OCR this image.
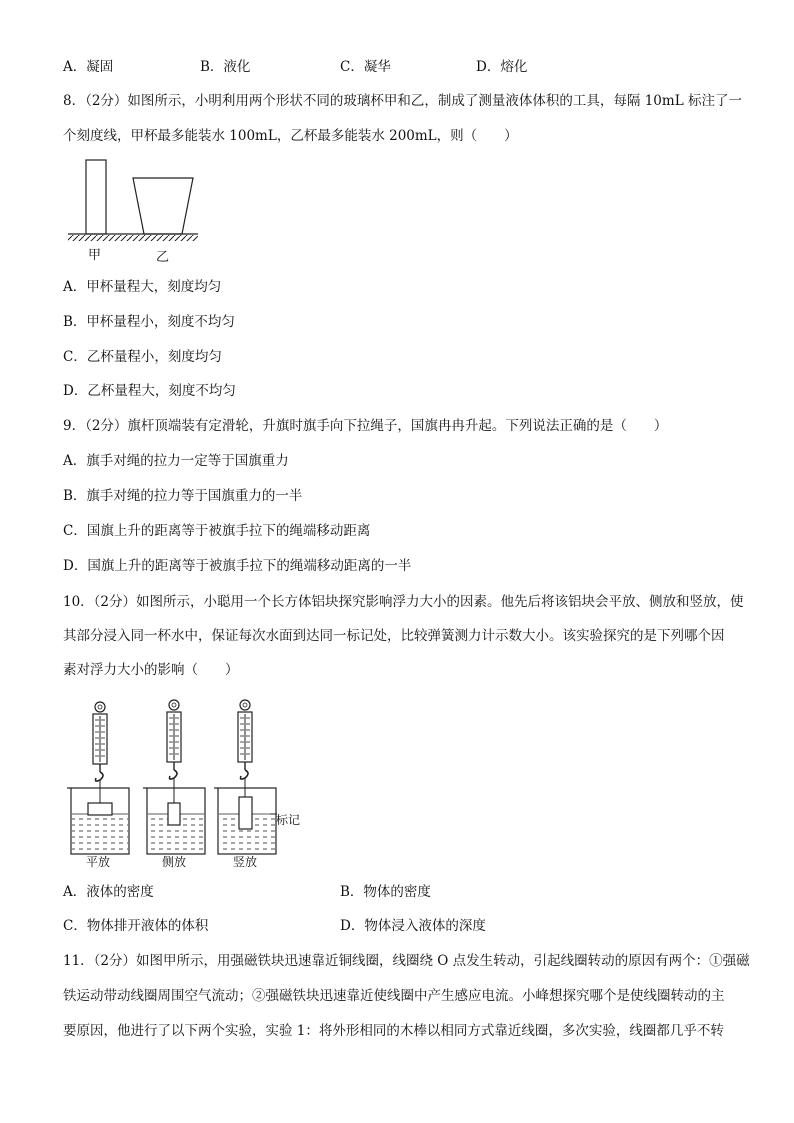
A．凝固	B．液化	C．凝华	D．熔化
8．（2分）如图所示，小明利用两个形状不同的玻璃杯甲和乙，制成了测量液体体积的工具，每隔 10mL 标注了一
个刻度线，甲杯最多能装水 100mL，乙杯最多能装水 200mL，则（　　）
甲	乙
A．甲杯量程大，刻度均匀
B．甲杯量程小，刻度不均匀
C．乙杯量程小，刻度均匀
D．乙杯量程大，刻度不均匀
9．（2分）旗杆顶端装有定滑轮，升旗时旗手向下拉绳子，国旗冉冉升起。下列说法正确的是（　　）
A．旗手对绳的拉力一定等于国旗重力
B．旗手对绳的拉力等于国旗重力的一半
C．国旗上升的距离等于被旗手拉下的绳端移动距离
D．国旗上升的距离等于被旗手拉下的绳端移动距离的一半
10．（2分）如图所示，小聪用一个长方体铝块探究影响浮力大小的因素。他先后将该铝块会平放、侧放和竖放，使
其部分浸入同一杯水中，保证每次水面到达同一标记处，比较弹簧测力计示数大小。该实验探究的是下列哪个因
素对浮力大小的影响（　　）
标记
平放	侧放	竖放
A．液体的密度	B．物体的密度
C．物体排开液体的体积	D．物体浸入液体的深度
11．（2分）如图甲所示，用强磁铁块迅速靠近铜线圈，线圈绕 O 点发生转动，引起线圈转动的原因有两个：①强磁
铁运动带动线圈周围空气流动；②强磁铁块迅速靠近使线圈中产生感应电流。小峰想探究哪个是使线圈转动的主
要原因，他进行了以下两个实验，实验 1：将外形相同的木棒以相同方式靠近线圈，多次实验，线圈都几乎不转
